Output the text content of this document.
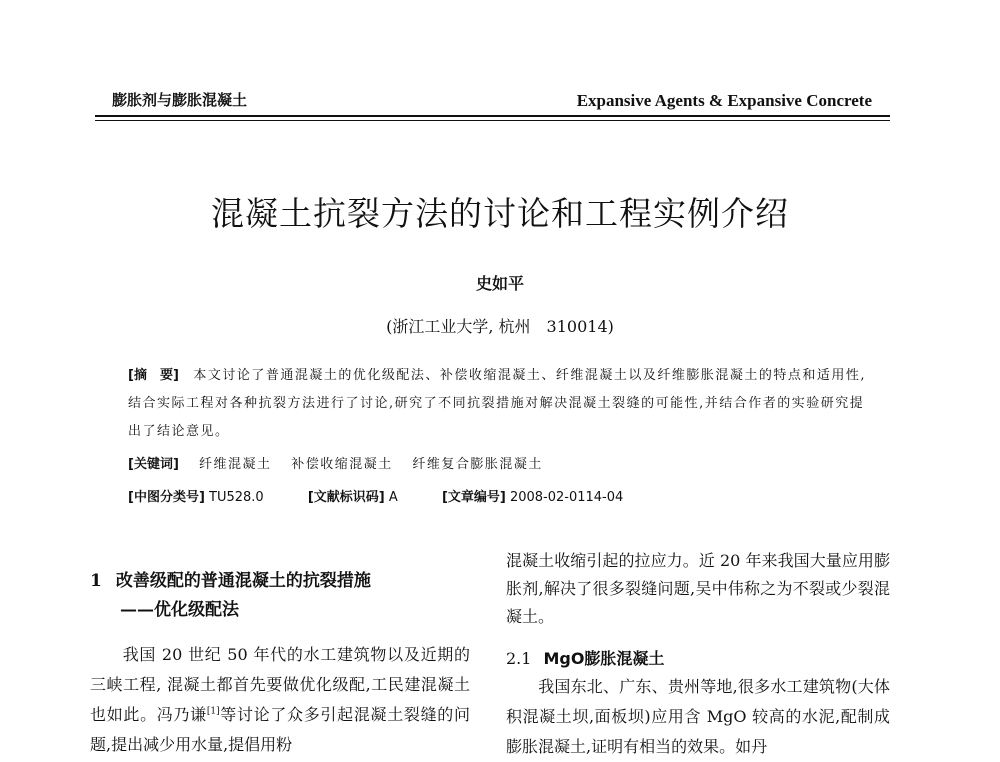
膨胀剂与膨胀混凝土	Expansive Agents & Expansive Concrete
混凝土抗裂方法的讨论和工程实例介绍
史如平
(浙江工业大学, 杭州　310014)

[摘　要]　 本文讨论了普通混凝土的优化级配法、补偿收缩混凝土、纤维混凝土以及纤维膨胀混凝土的特点和适用性,结合实际工程对各种抗裂方法进行了讨论,研究了不同抗裂措施对解决混凝土裂缝的可能性,并结合作者的实验研究提出了结论意见。

[关键词]　 纤维混凝土 补偿收缩混凝土 纤维复合膨胀混凝土
[中图分类号] TU528.0	[文献标识码] A	[文章编号] 2008-02-0114-04
1 改善级配的普通混凝土的抗裂措施
——优化级配法

我国 20 世纪 50 年代的水工建筑物以及近期的三峡工程, 混凝土都首先要做优化级配,工民建混凝土也如此。冯乃谦[1]等讨论了众多引起混凝土裂缝的问题,提出减少用水量,提倡用粉

混凝土收缩引起的拉应力。近 20 年来我国大量应用膨胀剂,解决了很多裂缝问题,吴中伟称之为不裂或少裂混凝土。

2.1 MgO膨胀混凝土

我国东北、广东、贵州等地,很多水工建筑物(大体积混凝土坝,面板坝)应用含 MgO 较高的水泥,配制成膨胀混凝土,证明有相当的效果。如丹
